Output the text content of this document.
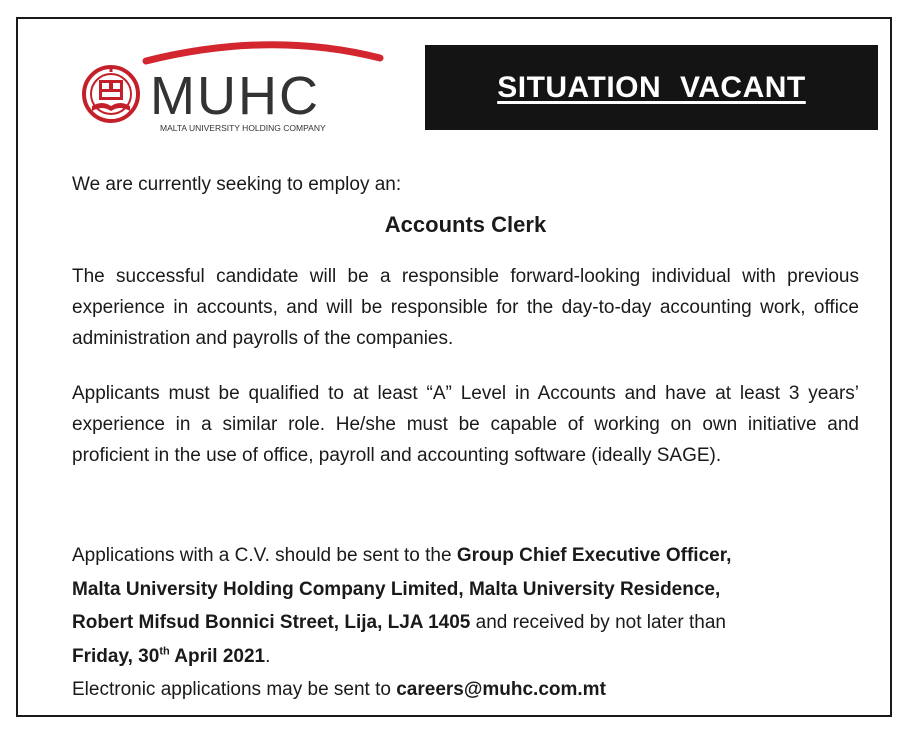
MUHC
MALTA UNIVERSITY HOLDING COMPANY
SITUATION VACANT
We are currently seeking to employ an:
Accounts Clerk
The successful candidate will be a responsible forward-looking individual with previous experience in accounts, and will be responsible for the day-to-day accounting work, office administration and payrolls of the companies.
Applicants must be qualified to at least “A” Level in Accounts and have at least 3 years’ experience in a similar role. He/she must be capable of working on own initiative and proficient in the use of office, payroll and accounting software (ideally SAGE).
Applications with a C.V. should be sent to the Group Chief Executive Officer,
Malta University Holding Company Limited, Malta University Residence,
Robert Mifsud Bonnici Street, Lija, LJA 1405 and received by not later than
Friday, 30th April 2021.
Electronic applications may be sent to careers@muhc.com.mt
